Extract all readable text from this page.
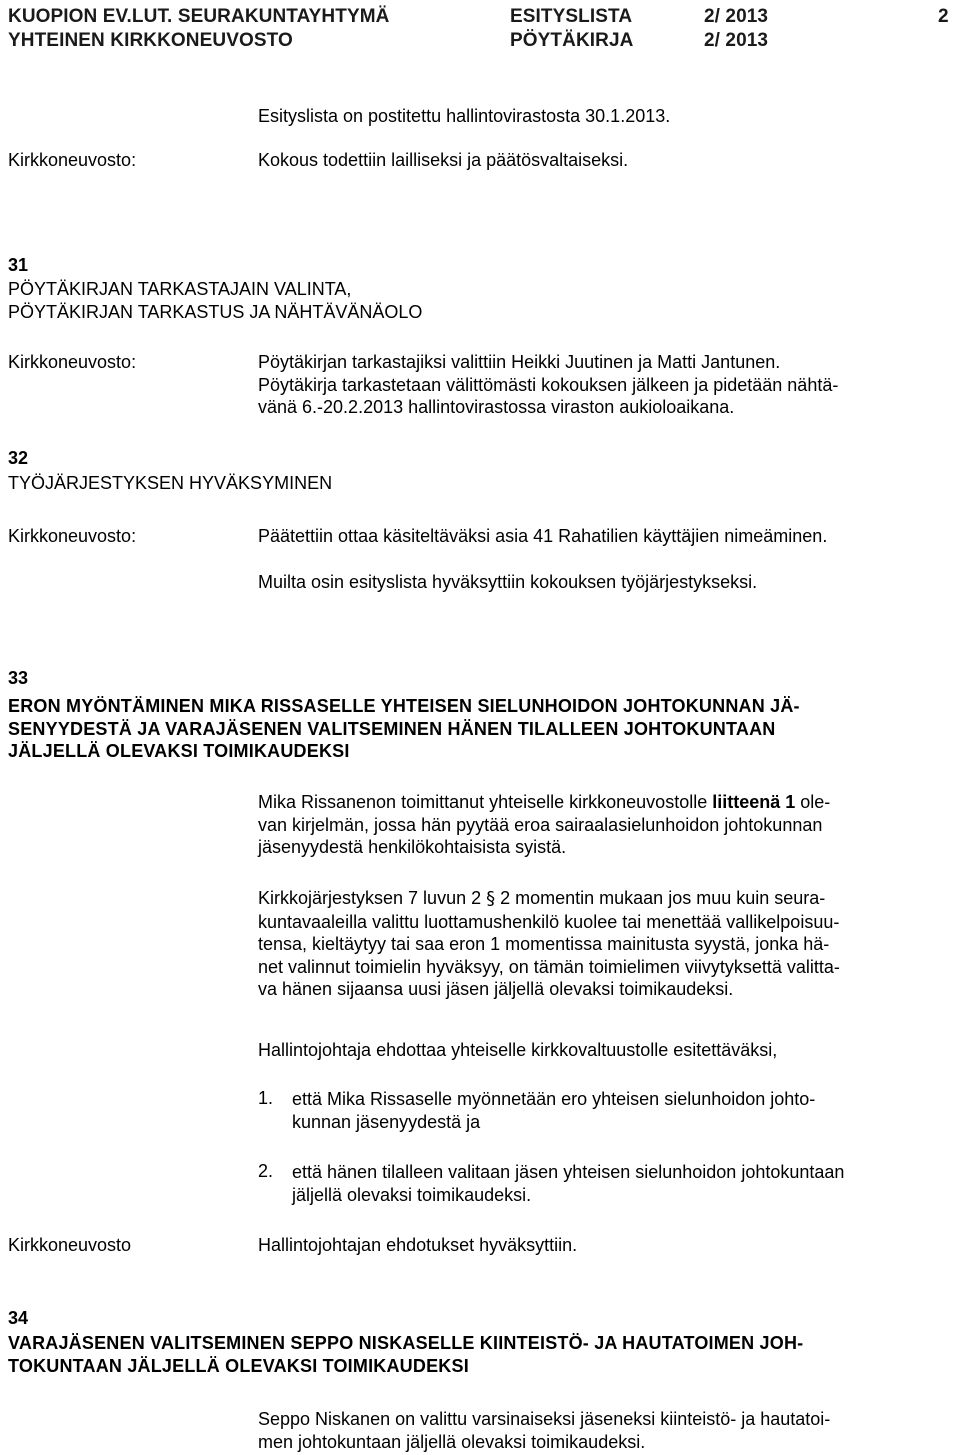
KUOPION EV.LUT. SEURAKUNTAYHTYMÄ
YHTEINEN KIRKKONEUVOSTO
ESITYSLISTA
PÖYTÄKIRJA
2/ 2013
2/ 2013
2
Esityslista on postitettu hallintovirastosta 30.1.2013.
Kirkkoneuvosto:	Kokous todettiin lailliseksi ja päätösvaltaiseksi.
31
PÖYTÄKIRJAN TARKASTAJAIN VALINTA,
PÖYTÄKIRJAN TARKASTUS JA NÄHTÄVÄNÄOLO
Kirkkoneuvosto:	Pöytäkirjan tarkastajiksi valittiin Heikki Juutinen ja Matti Jantunen.
Pöytäkirja tarkastetaan välittömästi kokouksen jälkeen ja pidetään nähtä-
vänä 6.-20.2.2013 hallintovirastossa viraston aukioloaikana.
32
TYÖJÄRJESTYKSEN HYVÄKSYMINEN
Kirkkoneuvosto:	Päätettiin ottaa käsiteltäväksi asia 41 Rahatilien käyttäjien nimeäminen.
Muilta osin esityslista hyväksyttiin kokouksen työjärjestykseksi.
33
ERON MYÖNTÄMINEN MIKA RISSASELLE YHTEISEN SIELUNHOIDON JOHTOKUNNAN JÄ-
SENYYDESTÄ JA VARAJÄSENEN VALITSEMINEN HÄNEN TILALLEEN JOHTOKUNTAAN
JÄLJELLÄ OLEVAKSI TOIMIKAUDEKSI
Mika Rissanenon toimittanut yhteiselle kirkkoneuvostolle liitteenä 1 ole-
van kirjelmän, jossa hän pyytää eroa sairaalasielunhoidon johtokunnan
jäsenyydestä henkilökohtaisista syistä.
Kirkkojärjestyksen 7 luvun 2 § 2 momentin mukaan jos muu kuin seura-
kuntavaaleilla valittu luottamushenkilö kuolee tai menettää vallikelpoisuu-
tensa, kieltäytyy tai saa eron 1 momentissa mainitusta syystä, jonka hä-
net valinnut toimielin hyväksyy, on tämän toimielimen viivytyksettä valitta-
va hänen sijaansa uusi jäsen jäljellä olevaksi toimikaudeksi.
Hallintojohtaja ehdottaa yhteiselle kirkkovaltuustolle esitettäväksi,
1. että Mika Rissaselle myönnetään ero yhteisen sielunhoidon johto-
kunnan jäsenyydestä ja
2. että hänen tilalleen valitaan jäsen yhteisen sielunhoidon johtokuntaan
jäljellä olevaksi toimikaudeksi.
Kirkkoneuvosto	Hallintojohtajan ehdotukset hyväksyttiin.
34
VARAJÄSENEN VALITSEMINEN SEPPO NISKASELLE KIINTEISTÖ- JA HAUTATOIMEN JOH-
TOKUNTAAN JÄLJELLÄ OLEVAKSI TOIMIKAUDEKSI
Seppo Niskanen on valittu varsinaiseksi jäseneksi kiinteistö- ja hautatoi-
men johtokuntaan jäljellä olevaksi toimikaudeksi.
